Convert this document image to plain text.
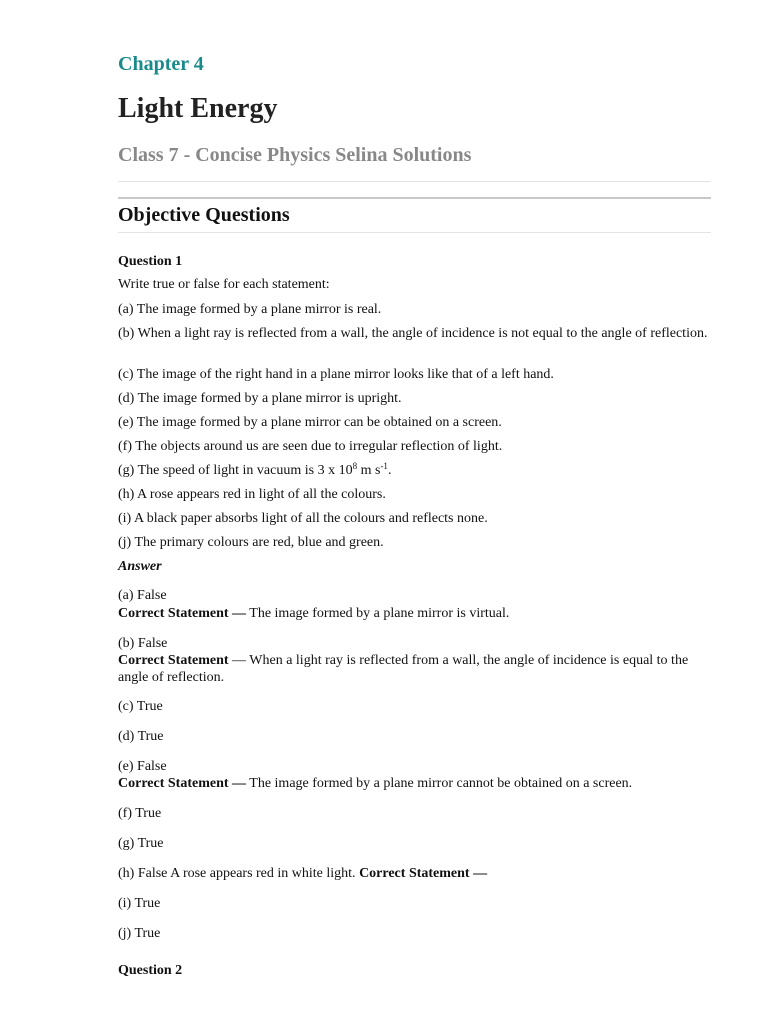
Chapter 4
Light Energy
Class 7 - Concise Physics Selina Solutions
Objective Questions
Question 1
Write true or false for each statement:
(a) The image formed by a plane mirror is real.
(b) When a light ray is reflected from a wall, the angle of incidence is not equal to the angle of reflection.
(c) The image of the right hand in a plane mirror looks like that of a left hand.
(d) The image formed by a plane mirror is upright.
(e) The image formed by a plane mirror can be obtained on a screen.
(f) The objects around us are seen due to irregular reflection of light.
(g) The speed of light in vacuum is 3 x $10^8$ m $s^{-1}$.
(h) A rose appears red in light of all the colours.
(i) A black paper absorbs light of all the colours and reflects none.
(j) The primary colours are red, blue and green.
Answer
(a) False
Correct Statement — The image formed by a plane mirror is virtual.
(b) False
Correct Statement — When a light ray is reflected from a wall, the angle of incidence is equal to the angle of reflection.
(c) True
(d) True
(e) False
Correct Statement — The image formed by a plane mirror cannot be obtained on a screen.
(f) True
(g) True
(h) False A rose appears red in white light. Correct Statement —
(i) True
(j) True
Question 2
